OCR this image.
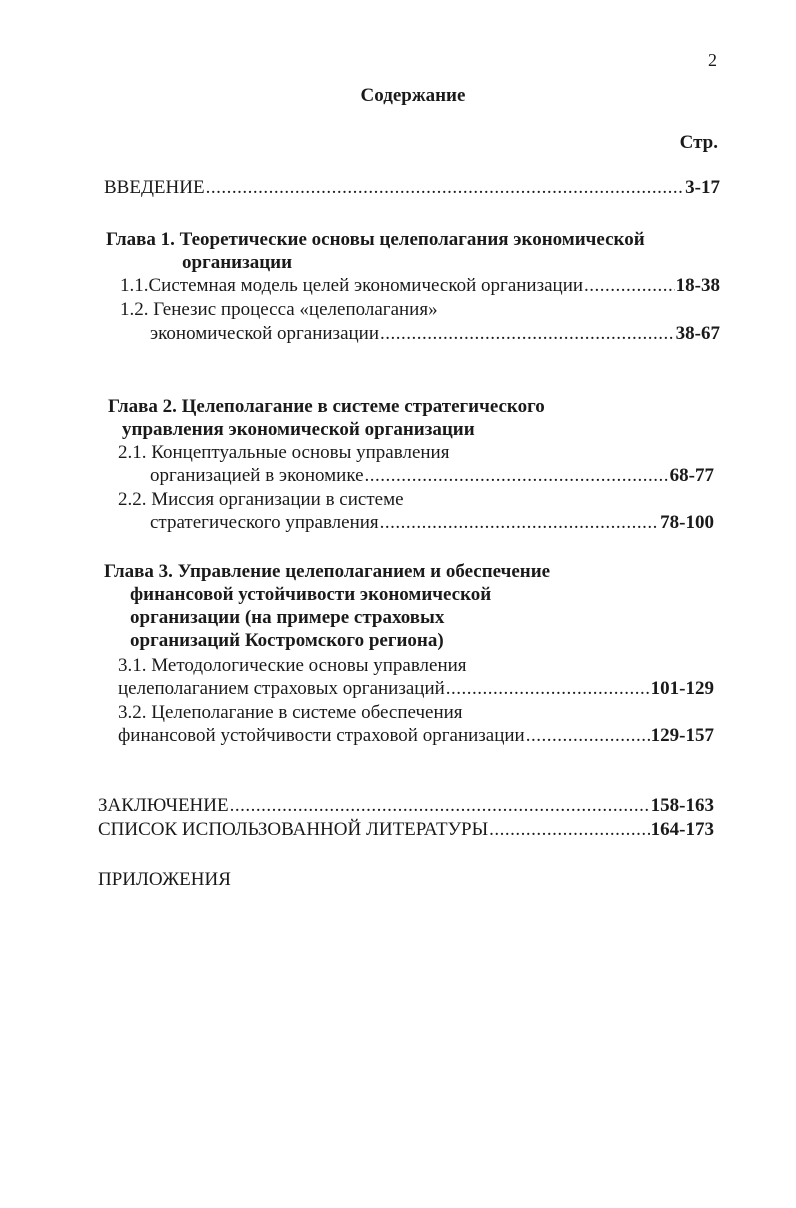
2
Содержание
Стр.
ВВЕДЕНИЕ .....	3-17
Глава 1. Теоретические основы целеполагания экономической
организации
1.1.Системная модель целей экономической организации .....	18-38
1.2. Генезис процесса «целеполагания»
экономической организации .....	38-67
Глава 2. Целеполагание в системе стратегического
управления экономической организации
2.1. Концептуальные основы управления
организацией в экономике .....	68-77
2.2. Миссия организации в системе
стратегического управления .....	78-100
Глава 3. Управление целеполаганием и обеспечение
финансовой устойчивости экономической
организации (на примере страховых
организаций Костромского региона)
3.1. Методологические основы управления
целеполаганием страховых организаций .....	101-129
3.2. Целеполагание в системе обеспечения
финансовой устойчивости страховой организации .....	129-157
ЗАКЛЮЧЕНИЕ .....	158-163
СПИСОК ИСПОЛЬЗОВАННОЙ ЛИТЕРАТУРЫ .....	164-173
ПРИЛОЖЕНИЯ
